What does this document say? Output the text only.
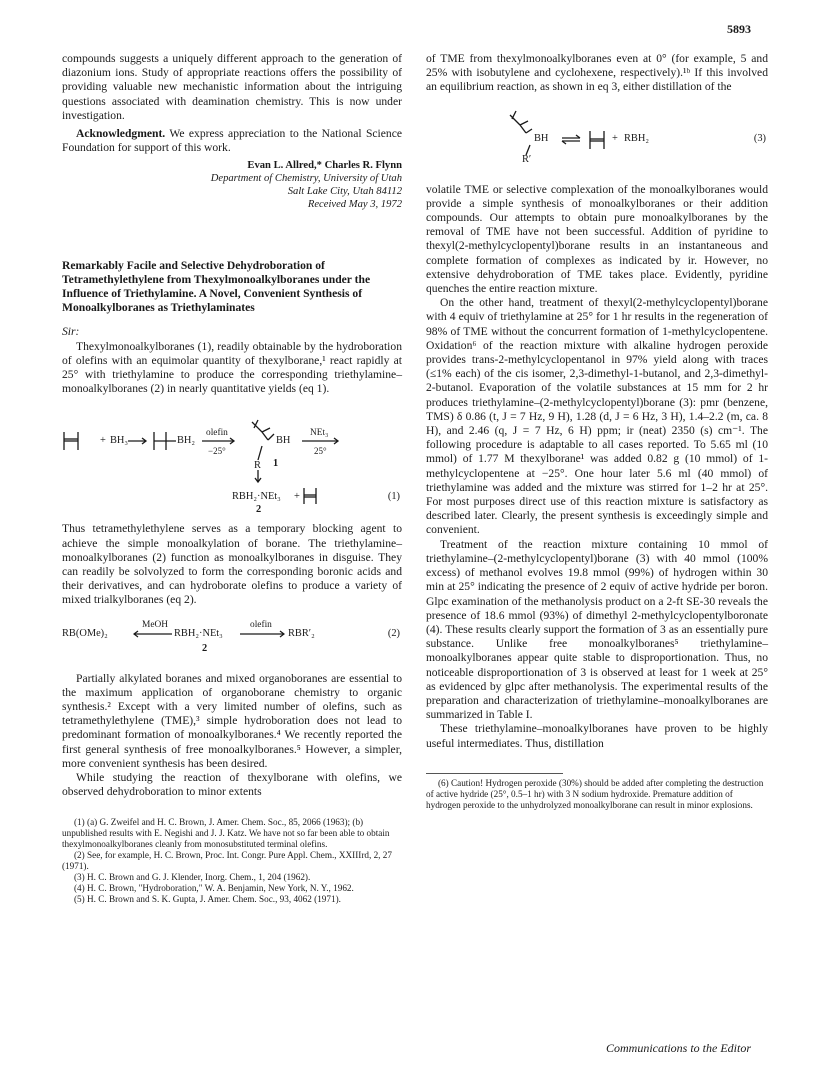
5893

compounds suggests a uniquely different approach to the generation of diazonium ions. Study of appropriate reactions offers the possibility of providing valuable new mechanistic information about the intriguing questions associated with deamination chemistry. This is now under investigation.

Acknowledgment. We express appreciation to the National Science Foundation for support of this work.

Evan L. Allred,* Charles R. Flynn
Department of Chemistry, University of Utah
Salt Lake City, Utah 84112
Received May 3, 1972
Remarkably Facile and Selective Dehydroboration of Tetramethylethylene from Thexylmonoalkylboranes under the Influence of Triethylamine. A Novel, Convenient Synthesis of Monoalkylboranes as Triethylaminates

Sir:

Thexylmonoalkylboranes (1), readily obtainable by the hydroboration of olefins with an equimolar quantity of thexylborane,¹ react rapidly at 25° with triethylamine to produce the corresponding triethylamine–monoalkylboranes (2) in nearly quantitative yields (eq 1).

+ BH₃	BH₂
olefin
−25°
BH
NEt₃
25°
R 1
RBH₂·NEt₃ +
2
(1)

Thus tetramethylethylene serves as a temporary blocking agent to achieve the simple monoalkylation of borane. The triethylamine–monoalkylboranes (2) function as monoalkylboranes in disguise. They can readily be solvolyzed to form the corresponding boronic acids and their derivatives, and can hydroborate olefins to produce a variety of mixed trialkylboranes (eq 2).

MeOH
RB(OMe)₂	RBH₂·NEt₃
olefin
RBR′₂
2
(2)

Partially alkylated boranes and mixed organoboranes are essential to the maximum application of organoborane chemistry to organic synthesis.² Except with a very limited number of olefins, such as tetramethylethylene (TME),³ simple hydroboration does not lead to predominant formation of monoalkylboranes.⁴ We recently reported the first general synthesis of free monoalkylboranes.⁵ However, a simpler, more convenient synthesis has been desired.

While studying the reaction of thexylborane with olefins, we observed dehydroboration to minor extents

(1) (a) G. Zweifel and H. C. Brown, J. Amer. Chem. Soc., 85, 2066 (1963); (b) unpublished results with E. Negishi and J. J. Katz. We have not so far been able to obtain thexylmonoalkylboranes cleanly from monosubstituted terminal olefins.

(2) See, for example, H. C. Brown, Proc. Int. Congr. Pure Appl. Chem., XXIIIrd, 2, 27 (1971).

(3) H. C. Brown and G. J. Klender, Inorg. Chem., 1, 204 (1962).

(4) H. C. Brown, "Hydroboration," W. A. Benjamin, New York, N. Y., 1962.

(5) H. C. Brown and S. K. Gupta, J. Amer. Chem. Soc., 93, 4062 (1971).

of TME from thexylmonoalkylboranes even at 0° (for example, 5 and 25% with isobutylene and cyclohexene, respectively).¹ᵇ If this involved an equilibrium reaction, as shown in eq 3, either distillation of the

BH
R′
+ RBH₂	(3)

volatile TME or selective complexation of the monoalkylboranes would provide a simple synthesis of monoalkylboranes or their addition compounds. Our attempts to obtain pure monoalkylboranes by the removal of TME have not been successful. Addition of pyridine to thexyl(2-methylcyclopentyl)borane results in an instantaneous and complete formation of complexes as indicated by ir. However, no extensive dehydroboration of TME takes place. Evidently, pyridine quenches the entire reaction mixture.

On the other hand, treatment of thexyl(2-methylcyclopentyl)borane with 4 equiv of triethylamine at 25° for 1 hr results in the regeneration of 98% of TME without the concurrent formation of 1-methylcyclopentene. Oxidation⁶ of the reaction mixture with alkaline hydrogen peroxide provides trans-2-methylcyclopentanol in 97% yield along with traces (≤1% each) of the cis isomer, 2,3-dimethyl-1-butanol, and 2,3-dimethyl-2-butanol. Evaporation of the volatile substances at 15 mm for 2 hr produces triethylamine–(2-methylcyclopentyl)borane (3): pmr (benzene, TMS) δ 0.86 (t, J = 7 Hz, 9 H), 1.28 (d, J = 6 Hz, 3 H), 1.4–2.2 (m, ca. 8 H), and 2.46 (q, J = 7 Hz, 6 H) ppm; ir (neat) 2350 (s) cm⁻¹. The following procedure is adaptable to all cases reported. To 5.65 ml (10 mmol) of 1.77 M thexylborane¹ was added 0.82 g (10 mmol) of 1-methylcyclopentene at −25°. One hour later 5.6 ml (40 mmol) of triethylamine was added and the mixture was stirred for 1–2 hr at 25°. For most purposes direct use of this reaction mixture is satisfactory as described later. Clearly, the present synthesis is exceedingly simple and convenient.

Treatment of the reaction mixture containing 10 mmol of triethylamine–(2-methylcyclopentyl)borane (3) with 40 mmol (100% excess) of methanol evolves 19.8 mmol (99%) of hydrogen within 30 min at 25° indicating the presence of 2 equiv of active hydride per boron. Glpc examination of the methanolysis product on a 2-ft SE-30 reveals the presence of 18.6 mmol (93%) of dimethyl 2-methylcyclopentylboronate (4). These results clearly support the formation of 3 as an essentially pure substance. Unlike free monoalkylboranes⁵ triethylamine–monoalkylboranes appear quite stable to disproportionation. Thus, no noticeable disproportionation of 3 is observed at least for 1 week at 25° as evidenced by glpc after methanolysis. The experimental results of the preparation and characterization of triethylamine–monoalkylboranes are summarized in Table I.

These triethylamine–monoalkylboranes have proven to be highly useful intermediates. Thus, distillation

(6) Caution! Hydrogen peroxide (30%) should be added after completing the destruction of active hydride (25°, 0.5–1 hr) with 3 N sodium hydroxide. Premature addition of hydrogen peroxide to the unhydrolyzed monoalkylborane can result in minor explosions.

Communications to the Editor
